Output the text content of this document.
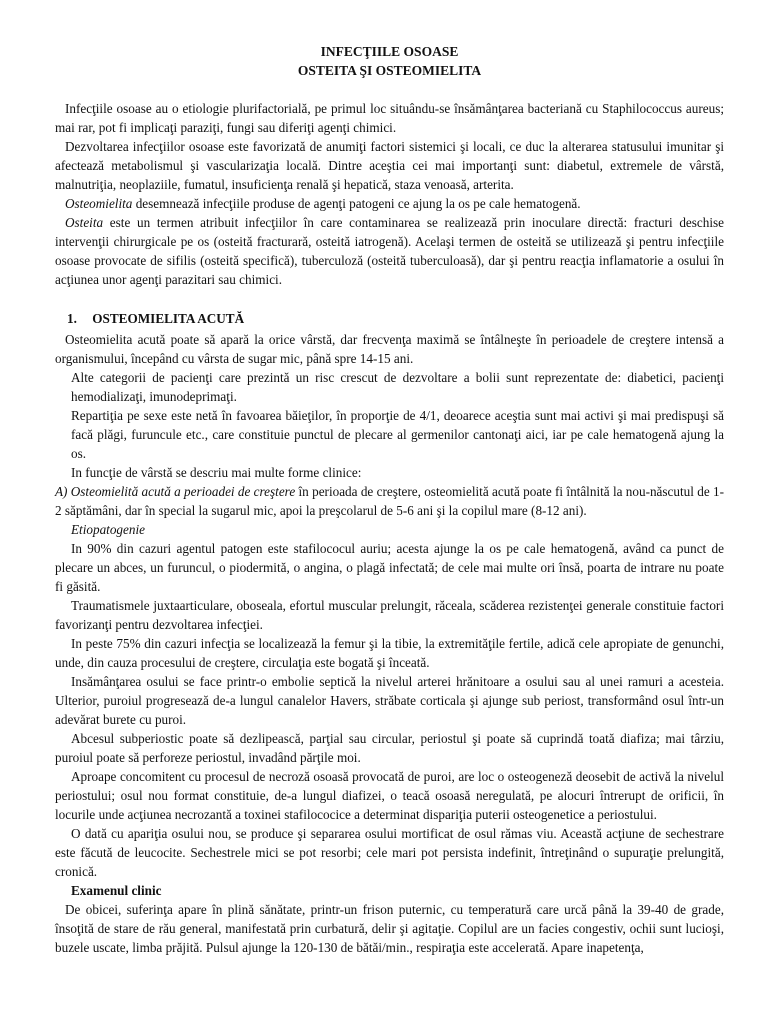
INFECŢIILE OSOASE

OSTEITA ŞI OSTEOMIELITA

Infecţiile osoase au o etiologie plurifactorială, pe primul loc situându-se însămânţarea bacteriană cu Staphilococcus aureus; mai rar, pot fi implicaţi paraziţi, fungi sau diferiţi agenţi chimici.

Dezvoltarea infecţiilor osoase este favorizată de anumiţi factori sistemici şi locali, ce duc la alterarea statusului imunitar şi afectează metabolismul şi vascularizaţia locală. Dintre aceştia cei mai importanţi sunt: diabetul, extremele de vârstă, malnutriţia, neoplaziile, fumatul, insuficienţa renală şi hepatică, staza venoasă, arterita.

Osteomielita desemnează infecţiile produse de agenţi patogeni ce ajung la os pe cale hematogenă.

Osteita este un termen atribuit infecţiilor în care contaminarea se realizează prin inoculare directă: fracturi deschise intervenţii chirurgicale pe os (osteită fracturară, osteită iatrogenă). Acelaşi termen de osteită se utilizează şi pentru infecţiile osoase provocate de sifilis (osteită specifică), tuberculoză (osteită tuberculoasă), dar şi pentru reacţia inflamatorie a osului în acţiunea unor agenţi parazitari sau chimici.

1. OSTEOMIELITA ACUTĂ

Osteomielita acută poate să apară la orice vârstă, dar frecvenţa maximă se întâlneşte în perioadele de creştere intensă a organismului, începând cu vârsta de sugar mic, până spre 14-15 ani.

Alte categorii de pacienţi care prezintă un risc crescut de dezvoltare a bolii sunt reprezentate de: diabetici, pacienţi hemodializaţi, imunodeprimaţi.

Repartiţia pe sexe este netă în favoarea băieţilor, în proporţie de 4/1, deoarece aceştia sunt mai activi şi mai predispuşi să facă plăgi, furuncule etc., care constituie punctul de plecare al germenilor cantonaţi aici, iar pe cale hematogenă ajung la os.

In funcţie de vârstă se descriu mai multe forme clinice:

A) Osteomielită acută a perioadei de creştere în perioada de creştere, osteomielită acută poate fi întâlnită la nou-născutul de 1-2 săptămâni, dar în special la sugarul mic, apoi la preşcolarul de 5-6 ani şi la copilul mare (8-12 ani).

Etiopatogenie

In 90% din cazuri agentul patogen este stafilococul auriu; acesta ajunge la os pe cale hematogenă, având ca punct de plecare un abces, un furuncul, o piodermită, o angina, o plagă infectată; de cele mai multe ori însă, poarta de intrare nu poate fi găsită.

Traumatismele juxtaarticulare, oboseala, efortul muscular prelungit, răceala, scăderea rezistenţei generale constituie factori favorizanţi pentru dezvoltarea infecţiei.

In peste 75% din cazuri infecţia se localizează la femur şi la tibie, la extremităţile fertile, adică cele apropiate de genunchi, unde, din cauza procesului de creştere, circulaţia este bogată şi înceată.

Insămânţarea osului se face printr-o embolie septică la nivelul arterei hrănitoare a osului sau al unei ramuri a acesteia. Ulterior, puroiul progresează de-a lungul canalelor Havers, străbate corticala şi ajunge sub periost, transformând osul într-un adevărat burete cu puroi.

Abcesul subperiostic poate să dezlipească, parţial sau circular, periostul şi poate să cuprindă toată diafiza; mai târziu, puroiul poate să perforeze periostul, invadând părţile moi.

Aproape concomitent cu procesul de necroză osoasă provocată de puroi, are loc o osteogeneză deosebit de activă la nivelul periostului; osul nou format constituie, de-a lungul diafizei, o teacă osoasă neregulată, pe alocuri întrerupt de orificii, în locurile unde acţiunea necrozantă a toxinei stafilococice a determinat dispariţia puterii osteogenetice a periostului.

O dată cu apariţia osului nou, se produce şi separarea osului mortificat de osul rămas viu. Această acţiune de sechestrare este făcută de leucocite. Sechestrele mici se pot resorbi; cele mari pot persista indefinit, întreţinând o supuraţie prelungită, cronică.

Examenul clinic

De obicei, suferinţa apare în plină sănătate, printr-un frison puternic, cu temperatură care urcă până la 39-40 de grade, însoţită de stare de rău general, manifestată prin curbatură, delir şi agitaţie. Copilul are un facies congestiv, ochii sunt lucioşi, buzele uscate, limba prăjită. Pulsul ajunge la 120-130 de bătăi/min., respiraţia este accelerată. Apare inapetenţa,
